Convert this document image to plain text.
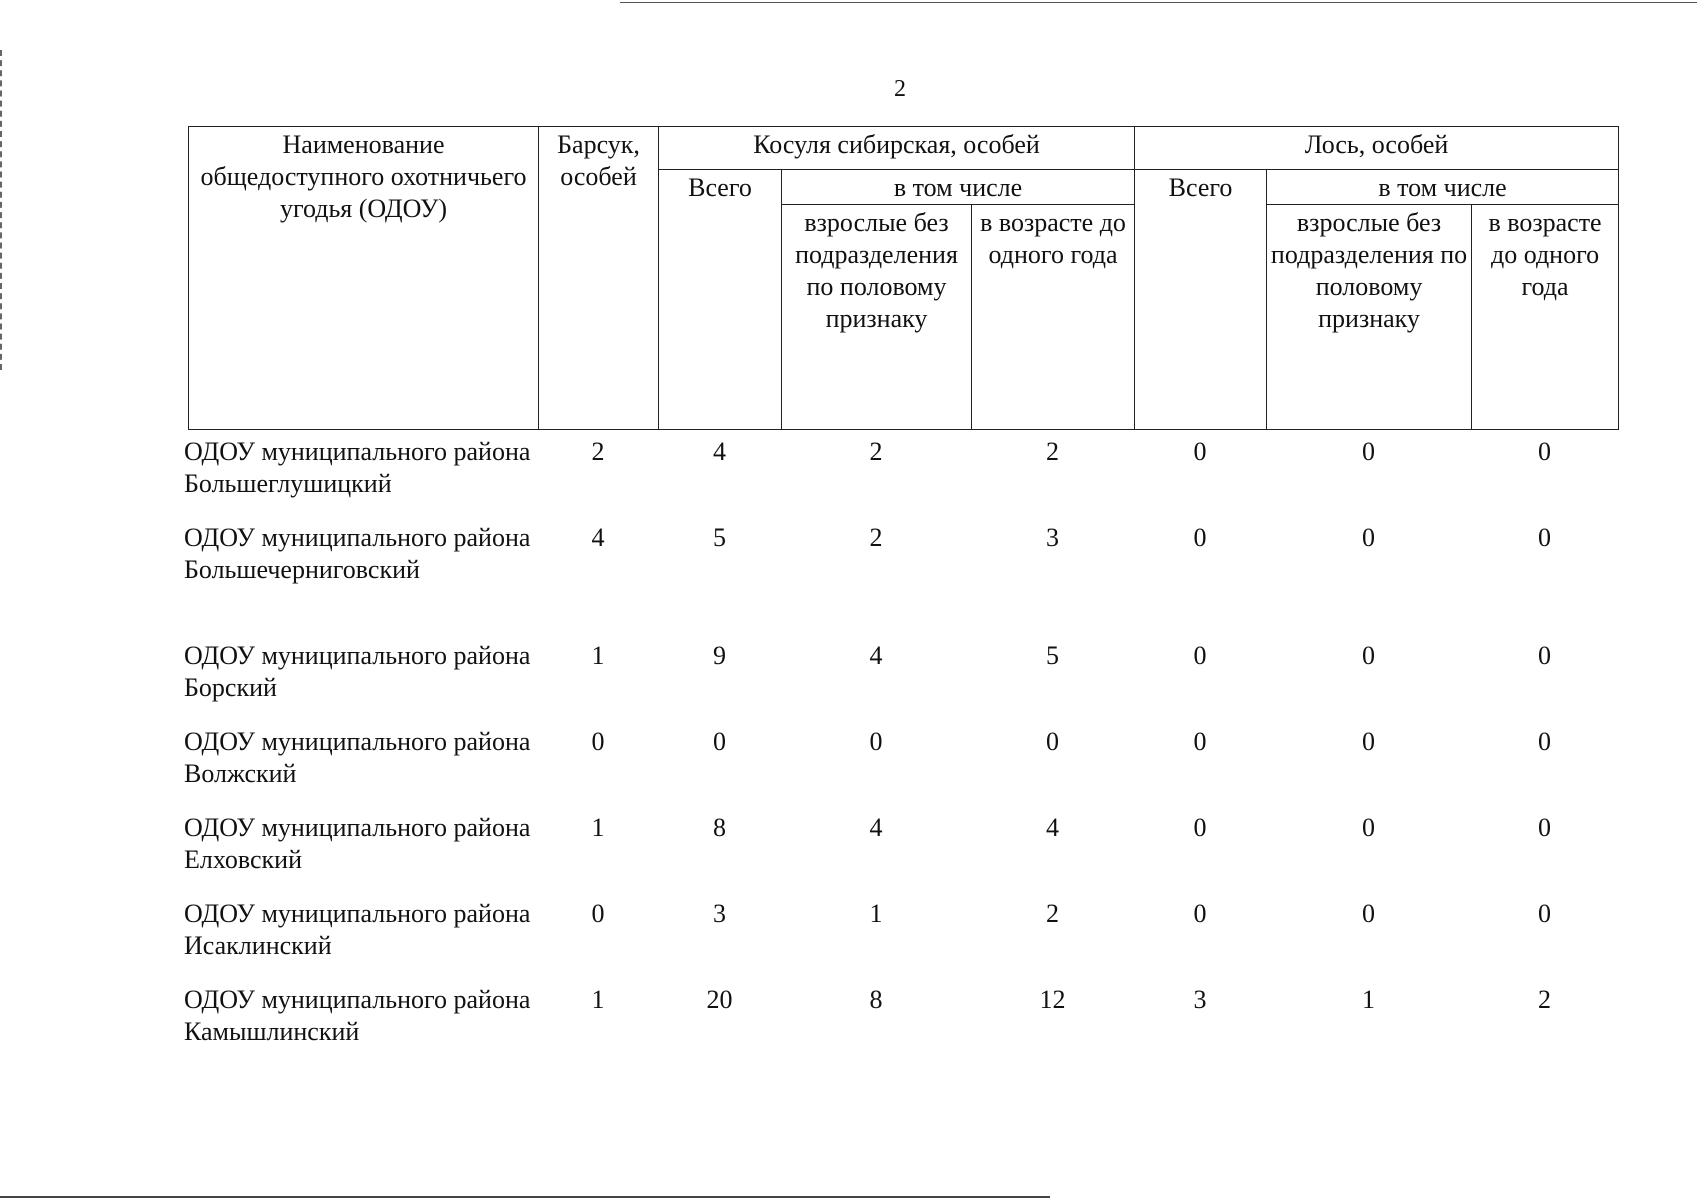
2
Наименование общедоступного охотничьего угодья (ОДОУ)	Барсук, особей	Косуля сибирская, особей			Лось, особей		
		Всего	в том числе		Всего	в том числе	
			взрослые без подразделения по половому признаку	в возрасте до одного года		взрослые без подразделения по половому признаку	в возрасте до одного года
ОДОУ муниципального района Большеглушицкий	2	4	2	2	0	0	0
ОДОУ муниципального района Большечерниговский	4	5	2	3	0	0	0
ОДОУ муниципального района Борский	1	9	4	5	0	0	0
ОДОУ муниципального района Волжский	0	0	0	0	0	0	0
ОДОУ муниципального района Елховский	1	8	4	4	0	0	0
ОДОУ муниципального района Исаклинский	0	3	1	2	0	0	0
ОДОУ муниципального района Камышлинский	1	20	8	12	3	1	2
